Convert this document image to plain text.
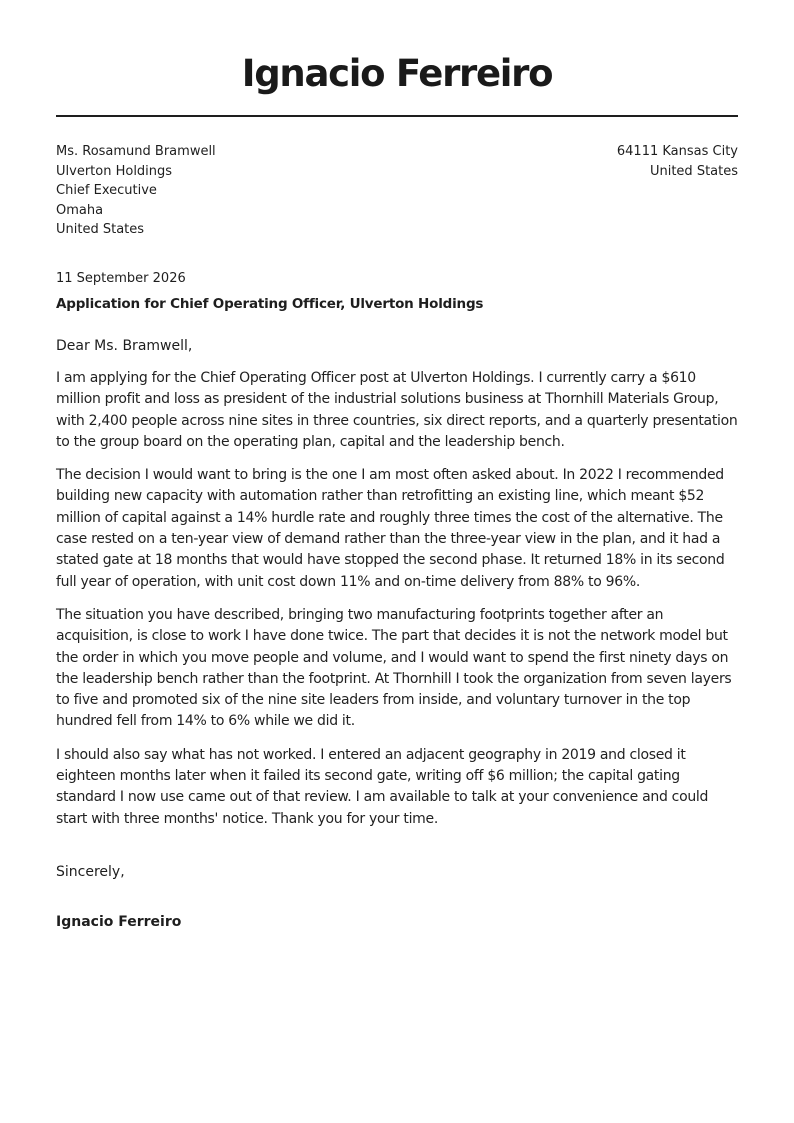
Ignacio Ferreiro
Ms. Rosamund Bramwell
Ulverton Holdings
Chief Executive
Omaha
United States
64111 Kansas City
United States
11 September 2026
Application for Chief Operating Officer, Ulverton Holdings
Dear Ms. Bramwell,

I am applying for the Chief Operating Officer post at Ulverton Holdings. I currently carry a $610 million profit and loss as president of the industrial solutions business at Thornhill Materials Group, with 2,400 people across nine sites in three countries, six direct reports, and a quarterly presentation to the group board on the operating plan, capital and the leadership bench.

The decision I would want to bring is the one I am most often asked about. In 2022 I recommended building new capacity with automation rather than retrofitting an existing line, which meant $52 million of capital against a 14% hurdle rate and roughly three times the cost of the alternative. The case rested on a ten-year view of demand rather than the three-year view in the plan, and it had a stated gate at 18 months that would have stopped the second phase. It returned 18% in its second full year of operation, with unit cost down 11% and on-time delivery from 88% to 96%.

The situation you have described, bringing two manufacturing footprints together after an acquisition, is close to work I have done twice. The part that decides it is not the network model but the order in which you move people and volume, and I would want to spend the first ninety days on the leadership bench rather than the footprint. At Thornhill I took the organization from seven layers to five and promoted six of the nine site leaders from inside, and voluntary turnover in the top hundred fell from 14% to 6% while we did it.

I should also say what has not worked. I entered an adjacent geography in 2019 and closed it eighteen months later when it failed its second gate, writing off $6 million; the capital gating standard I now use came out of that review. I am available to talk at your convenience and could start with three months' notice. Thank you for your time.

Sincerely,
Ignacio Ferreiro
